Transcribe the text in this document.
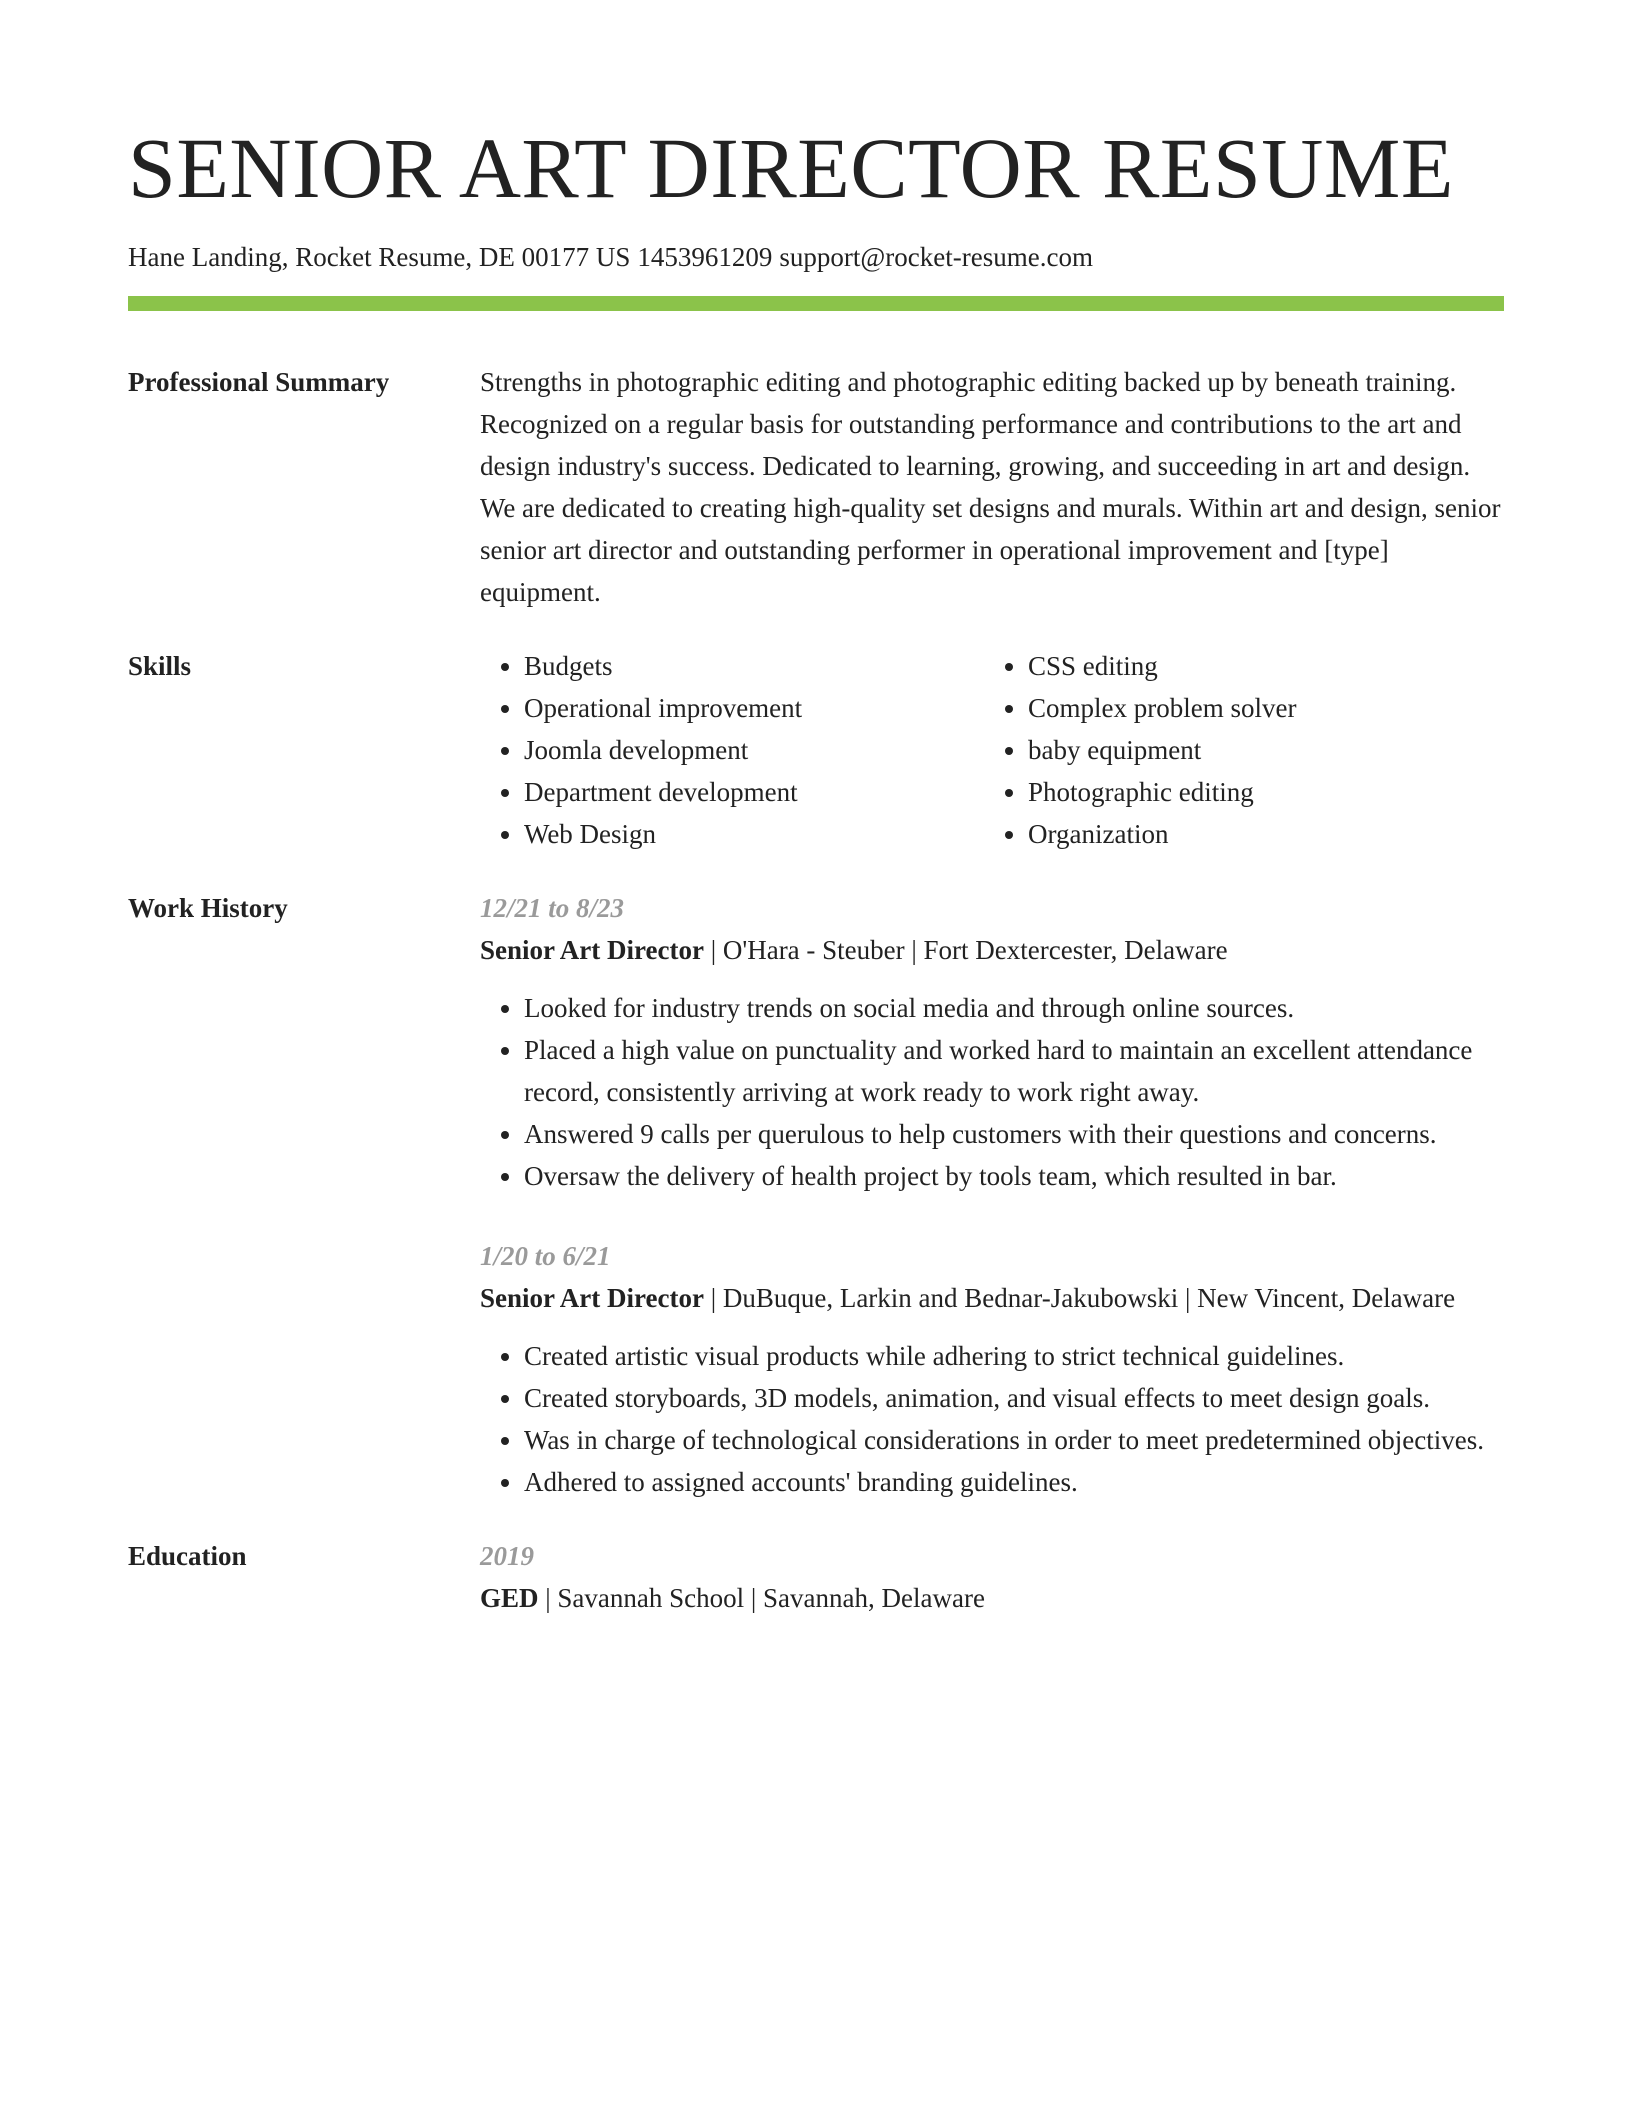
SENIOR ART DIRECTOR RESUME
Hane Landing, Rocket Resume, DE 00177 US 1453961209 support@rocket-resume.com
Professional Summary	Strengths in photographic editing and photographic editing backed up by beneath training. Recognized on a regular basis for outstanding performance and contributions to the art and design industry's success. Dedicated to learning, growing, and succeeding in art and design. We are dedicated to creating high-quality set designs and murals. Within art and design, senior senior art director and outstanding performer in operational improvement and [type] equipment.
Skills
•	Budgets
• Operational improvement
• Joomla development
• Department development
• Web Design
• CSS editing
• Complex problem solver
• baby equipment
• Photographic editing
• Organization
Work History	12/21 to 8/23
Senior Art Director | O'Hara - Steuber | Fort Dextercester, Delaware
• Looked for industry trends on social media and through online sources.
• Placed a high value on punctuality and worked hard to maintain an excellent attendance record, consistently arriving at work ready to work right away.
• Answered 9 calls per querulous to help customers with their questions and concerns.
• Oversaw the delivery of health project by tools team, which resulted in bar.
1/20 to 6/21
Senior Art Director | DuBuque, Larkin and Bednar-Jakubowski | New Vincent, Delaware
• Created artistic visual products while adhering to strict technical guidelines.
• Created storyboards, 3D models, animation, and visual effects to meet design goals.
• Was in charge of technological considerations in order to meet predetermined objectives.
• Adhered to assigned accounts' branding guidelines.
Education	2019
GED | Savannah School | Savannah, Delaware
